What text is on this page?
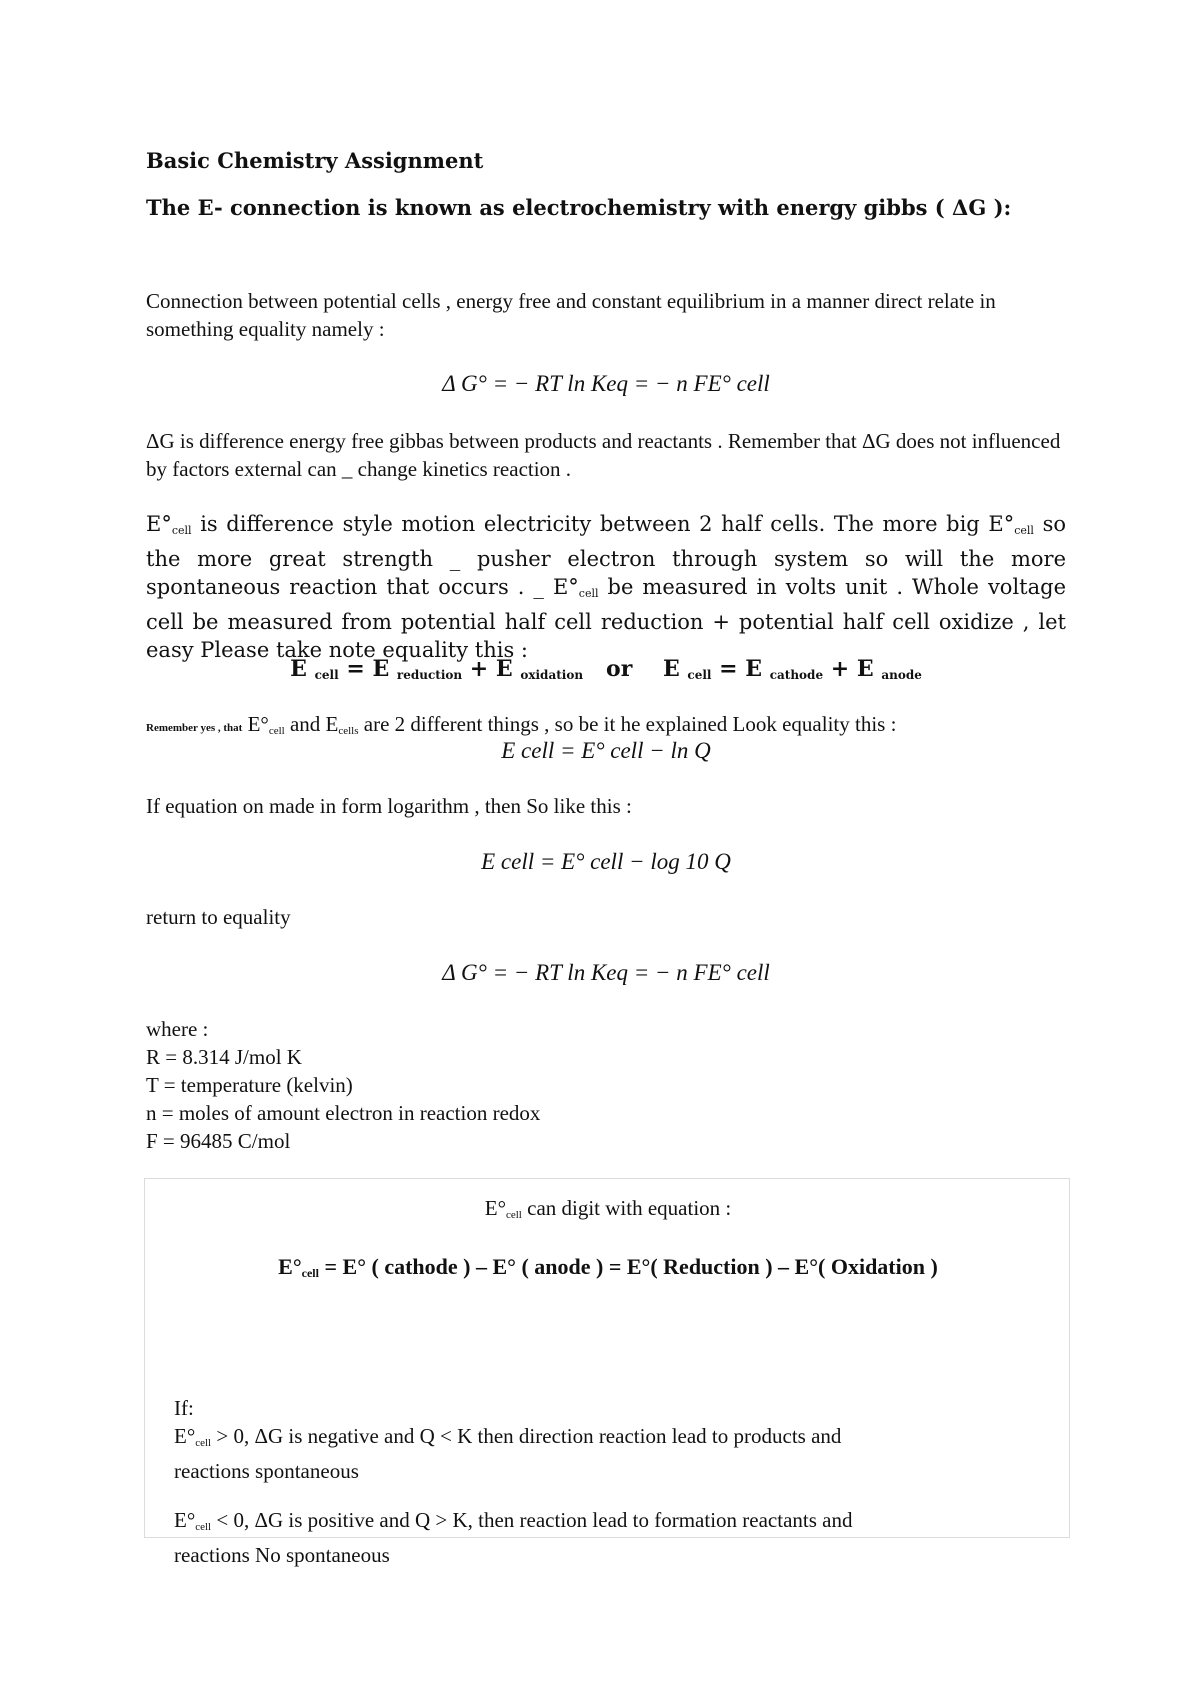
Basic Chemistry Assignment
The E- connection is known as electrochemistry with energy gibbs ( ΔG ):
Connection between potential cells , energy free and constant equilibrium in a manner direct relate in something equality namely :
Δ G° = − RT ln Keq = − n FE° cell
ΔG is difference energy free gibbas between products and reactants . Remember that ΔG does not influenced by factors external can _ change kinetics reaction .
$E^\circ_{cell}$ is difference style motion electricity between 2 half cells. The more big $E^\circ_{cell}$ so the more great strength _ pusher electron through system so will the more spontaneous reaction that occurs . _ $E^\circ_{cell}$ be measured in volts unit . Whole voltage cell be measured from potential half cell reduction + potential half cell oxidize , let easy Please take note equality this :
E $_{cell}$ = E $_{reduction}$ + E $_{oxidation}$ or E $_{cell}$ = E $_{cathode}$ + E $_{anode}$
Remember yes , that $E^\circ_{cell}$ and $E_{cells}$ are 2 different things , so be it he explained Look equality this :
E cell = E° cell − ln Q
If equation on made in form logarithm , then So like this :
E cell = E° cell − log 10 Q
return to equality
Δ G° = − RT ln Keq = − n FE° cell
where :
R = 8.314 J/mol K
T = temperature (kelvin)
n = moles of amount electron in reaction redox
F = 96485 C/mol
$E^\circ_{cell}$ can digit with equation :
$E^\circ_{cell} = E^\circ$ ( cathode ) – E° ( anode ) = E°( Reduction ) – E°( Oxidation )
If:
$E^\circ_{cell} > 0$, ΔG is negative and Q < K then direction reaction lead to products and
reactions spontaneous
$E^\circ_{cell} < 0$, ΔG is positive and Q > K, then reaction lead to formation reactants and
reactions No spontaneous
